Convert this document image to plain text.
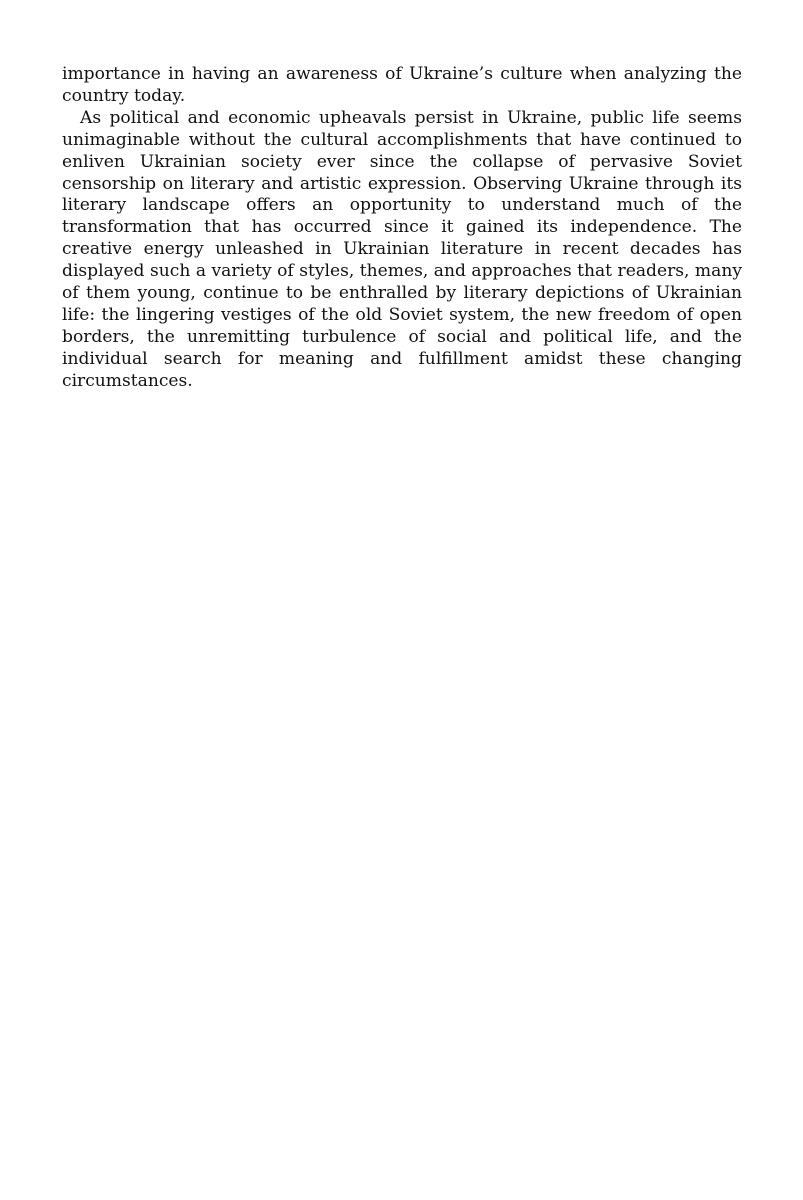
importance in having an awareness of Ukraine’s culture when analyzing the country today.

As political and economic upheavals persist in Ukraine, public life seems unimaginable without the cultural accomplishments that have continued to enliven Ukrainian society ever since the collapse of pervasive Soviet censorship on literary and artistic expression. Observing Ukraine through its literary landscape offers an opportunity to understand much of the transformation that has occurred since it gained its independence. The creative energy unleashed in Ukrainian literature in recent decades has displayed such a variety of styles, themes, and approaches that readers, many of them young, continue to be enthralled by literary depictions of Ukrainian life: the lingering vestiges of the old Soviet system, the new freedom of open borders, the unremitting turbulence of social and political life, and the individual search for meaning and fulfillment amidst these changing circumstances.
